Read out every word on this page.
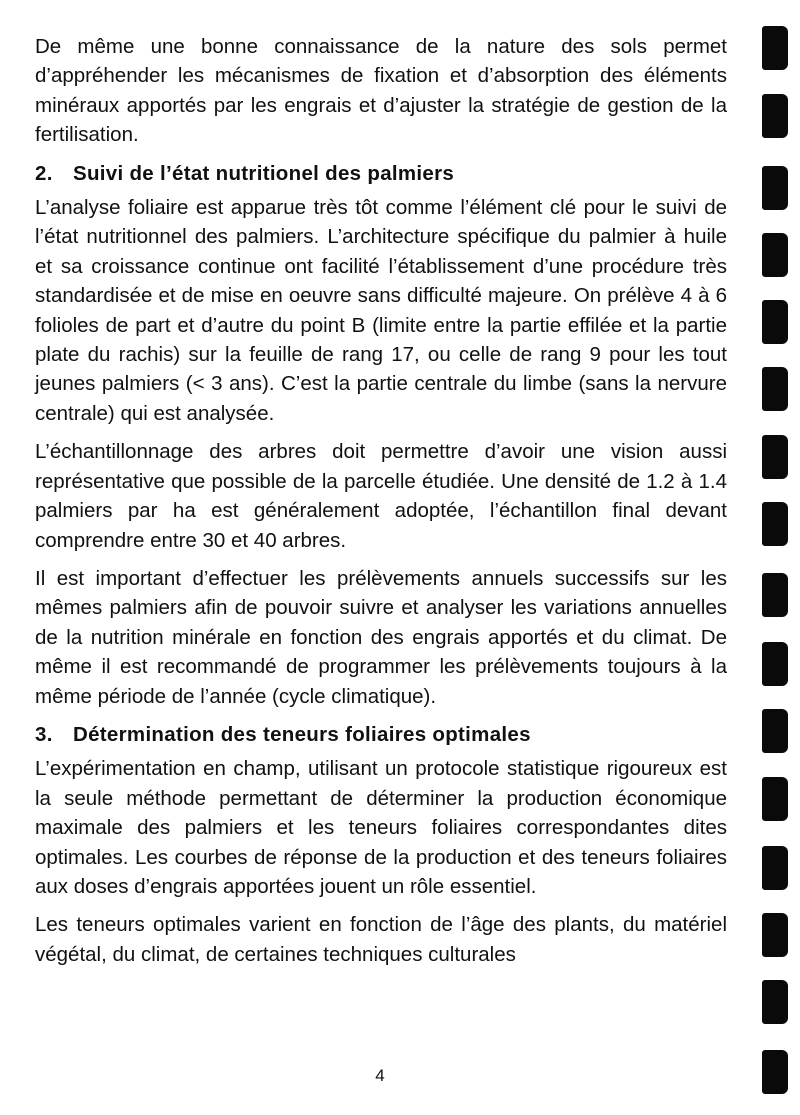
De même une bonne connaissance de la nature des sols permet d’appréhender les mécanismes de fixation et d’absorption des éléments minéraux apportés par les engrais et d’ajuster la stratégie de gestion de la fertilisation.

2. Suivi de l’état nutritionel des palmiers

L’analyse foliaire est apparue très tôt comme l’élément clé pour le suivi de l’état nutritionnel des palmiers. L’architecture spécifique du palmier à huile et sa croissance continue ont facilité l’établissement d’une procédure très standardisée et de mise en oeuvre sans difficulté majeure. On prélève 4 à 6 folioles de part et d’autre du point B (limite entre la partie effilée et la partie plate du rachis) sur la feuille de rang 17, ou celle de rang 9 pour les tout jeunes palmiers (< 3 ans). C’est la partie centrale du limbe (sans la nervure centrale) qui est analysée.

L’échantillonnage des arbres doit permettre d’avoir une vision aussi représentative que possible de la parcelle étudiée. Une densité de 1.2 à 1.4 palmiers par ha est généralement adoptée, l’échantillon final devant comprendre entre 30 et 40 arbres.

Il est important d’effectuer les prélèvements annuels successifs sur les mêmes palmiers afin de pouvoir suivre et analyser les variations annuelles de la nutrition minérale en fonction des engrais apportés et du climat. De même il est recommandé de programmer les prélèvements toujours à la même période de l’année (cycle climatique).

3. Détermination des teneurs foliaires optimales

L’expérimentation en champ, utilisant un protocole statistique rigoureux est la seule méthode permettant de déterminer la production économique maximale des palmiers et les teneurs foliaires correspondantes dites optimales. Les courbes de réponse de la production et des teneurs foliaires aux doses d’engrais apportées jouent un rôle essentiel.

Les teneurs optimales varient en fonction de l’âge des plants, du matériel végétal, du climat, de certaines techniques culturales

4
